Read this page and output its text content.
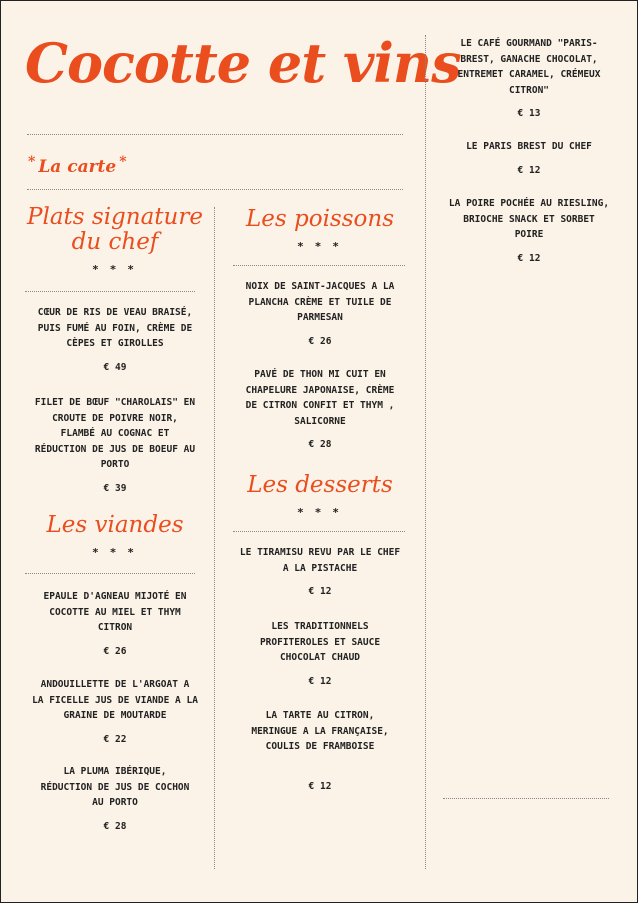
Cocotte et vins
* La carte *
Plats signature
du chef
* * *
CŒUR DE RIS DE VEAU BRAISÉ,
PUIS FUMÉ AU FOIN, CRÈME DE
CÈPES ET GIROLLES
€ 49
FILET DE BŒUF "CHAROLAIS" EN
CROUTE DE POIVRE NOIR,
FLAMBÉ AU COGNAC ET
RÉDUCTION DE JUS DE BOEUF AU
PORTO
€ 39
Les viandes
* * *
EPAULE D'AGNEAU MIJOTÉ EN
COCOTTE AU MIEL ET THYM
CITRON
€ 26
ANDOUILLETTE DE L'ARGOAT A
LA FICELLE JUS DE VIANDE A LA
GRAINE DE MOUTARDE
€ 22
LA PLUMA IBÉRIQUE,
RÉDUCTION DE JUS DE COCHON
AU PORTO
€ 28
Les poissons
* * *
NOIX DE SAINT-JACQUES A LA
PLANCHA CRÈME ET TUILE DE
PARMESAN
€ 26
PAVÉ DE THON MI CUIT EN
CHAPELURE JAPONAISE, CRÈME
DE CITRON CONFIT ET THYM ,
SALICORNE
€ 28
Les desserts
* * *
LE TIRAMISU REVU PAR LE CHEF
A LA PISTACHE
€ 12
LES TRADITIONNELS
PROFITEROLES ET SAUCE
CHOCOLAT CHAUD
€ 12
LA TARTE AU CITRON,
MERINGUE A LA FRANÇAISE,
COULIS DE FRAMBOISE
€ 12
LE CAFÉ GOURMAND "PARIS-
BREST, GANACHE CHOCOLAT,
ENTREMET CARAMEL, CRÉMEUX
CITRON"
€ 13
LE PARIS BREST DU CHEF
€ 12
LA POIRE POCHÉE AU RIESLING,
BRIOCHE SNACK ET SORBET
POIRE
€ 12
